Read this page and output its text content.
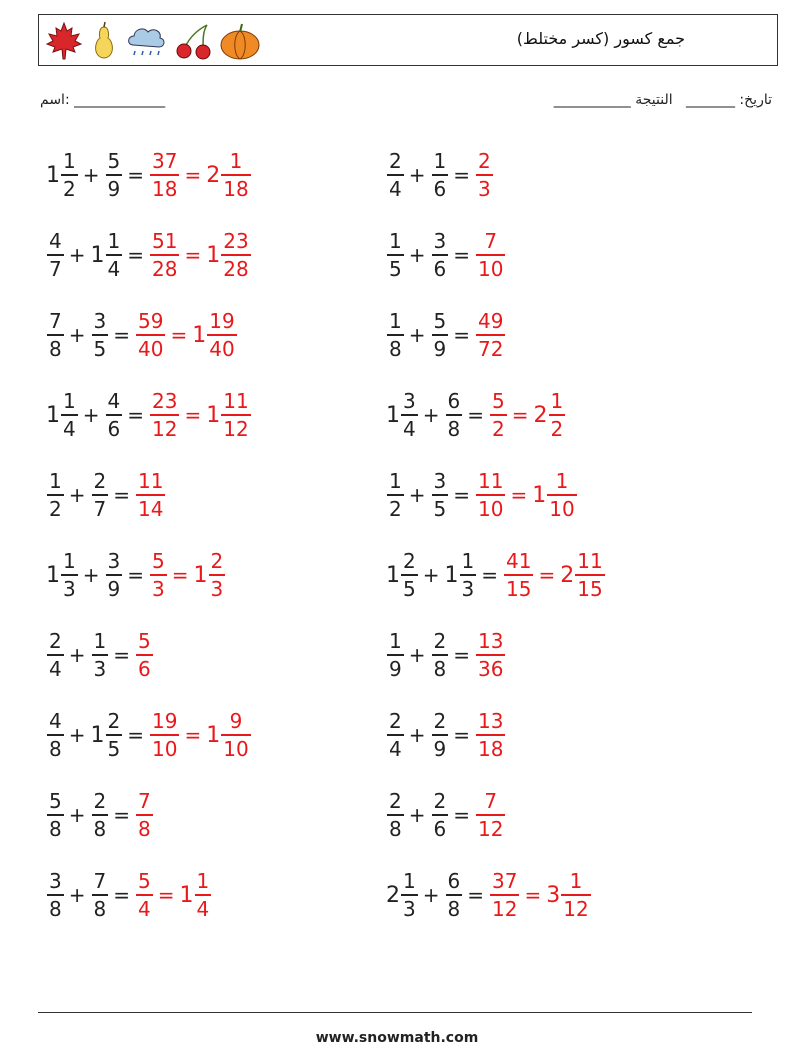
جمع كسور (كسر مختلط)
اسم: _____________	تاريخ: _______   النتيجة ___________
$1 \frac{1}{2} + \frac{5}{9} = \frac{37}{18} = 2 \frac{1}{18}$	$\frac{2}{4} + \frac{1}{6} = \frac{2}{3}$
$\frac{4}{7} + 1 \frac{1}{4} = \frac{51}{28} = 1 \frac{23}{28}$	$\frac{1}{5} + \frac{3}{6} = \frac{7}{10}$
$\frac{7}{8} + \frac{3}{5} = \frac{59}{40} = 1 \frac{19}{40}$	$\frac{1}{8} + \frac{5}{9} = \frac{49}{72}$
$1 \frac{1}{4} + \frac{4}{6} = \frac{23}{12} = 1 \frac{11}{12}$	$1 \frac{3}{4} + \frac{6}{8} = \frac{5}{2} = 2 \frac{1}{2}$
$\frac{1}{2} + \frac{2}{7} = \frac{11}{14}$	$\frac{1}{2} + \frac{3}{5} = \frac{11}{10} = 1 \frac{1}{10}$
$1 \frac{1}{3} + \frac{3}{9} = \frac{5}{3} = 1 \frac{2}{3}$	$1 \frac{2}{5} + 1 \frac{1}{3} = \frac{41}{15} = 2 \frac{11}{15}$
$\frac{2}{4} + \frac{1}{3} = \frac{5}{6}$	$\frac{1}{9} + \frac{2}{8} = \frac{13}{36}$
$\frac{4}{8} + 1 \frac{2}{5} = \frac{19}{10} = 1 \frac{9}{10}$	$\frac{2}{4} + \frac{2}{9} = \frac{13}{18}$
$\frac{5}{8} + \frac{2}{8} = \frac{7}{8}$	$\frac{2}{8} + \frac{2}{6} = \frac{7}{12}$
$\frac{3}{8} + \frac{7}{8} = \frac{5}{4} = 1 \frac{1}{4}$	$2 \frac{1}{3} + \frac{6}{8} = \frac{37}{12} = 3 \frac{1}{12}$
www.snowmath.com
